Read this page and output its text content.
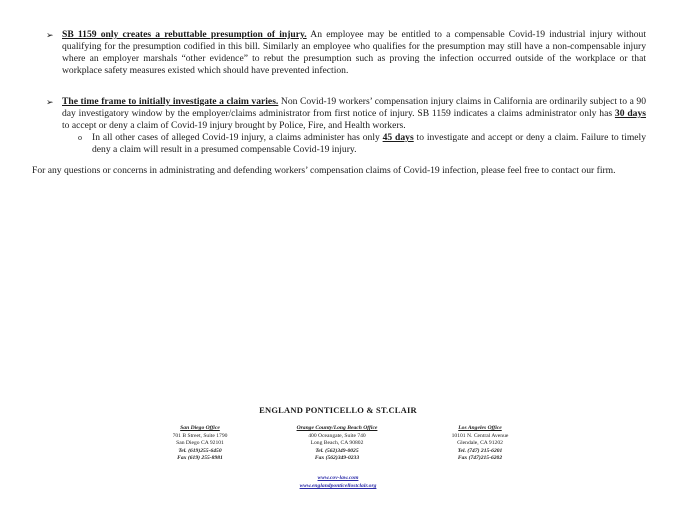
➢ SB 1159 only creates a rebuttable presumption of injury. An employee may be entitled to a compensable Covid-19 industrial injury without qualifying for the presumption codified in this bill. Similarly an employee who qualifies for the presumption may still have a non-compensable injury where an employer marshals “other evidence” to rebut the presumption such as proving the infection occurred outside of the workplace or that workplace safety measures existed which should have prevented infection.
➢ The time frame to initially investigate a claim varies. Non Covid-19 workers’ compensation injury claims in California are ordinarily subject to a 90 day investigatory window by the employer/claims administrator from first notice of injury. SB 1159 indicates a claims administrator only has 30 days to accept or deny a claim of Covid-19 injury brought by Police, Fire, and Health workers.
o In all other cases of alleged Covid-19 injury, a claims administer has only 45 days to investigate and accept or deny a claim. Failure to timely deny a claim will result in a presumed compensable Covid-19 injury.
For any questions or concerns in administrating and defending workers’ compensation claims of Covid-19 infection, please feel free to contact our firm.
ENGLAND PONTICELLO & ST.CLAIR
San Diego Office
701 B Street, Suite 1790
San Diego CA 92101
Tel. (619)255-6450
Fax (619) 255-8981
Orange County/Long Beach Office
400 Oceangate, Suite 740
Long Beach, CA 90802
Tel. (562)349-0025
Fax (562)349-0233
Los Angeles Office
10101 N. Central Avenue
Glendale, CA 91202
Tel. (747) 215-6201
Fax (747)215-6202
www.cov-law.com
www.englandponticellostclair.org
